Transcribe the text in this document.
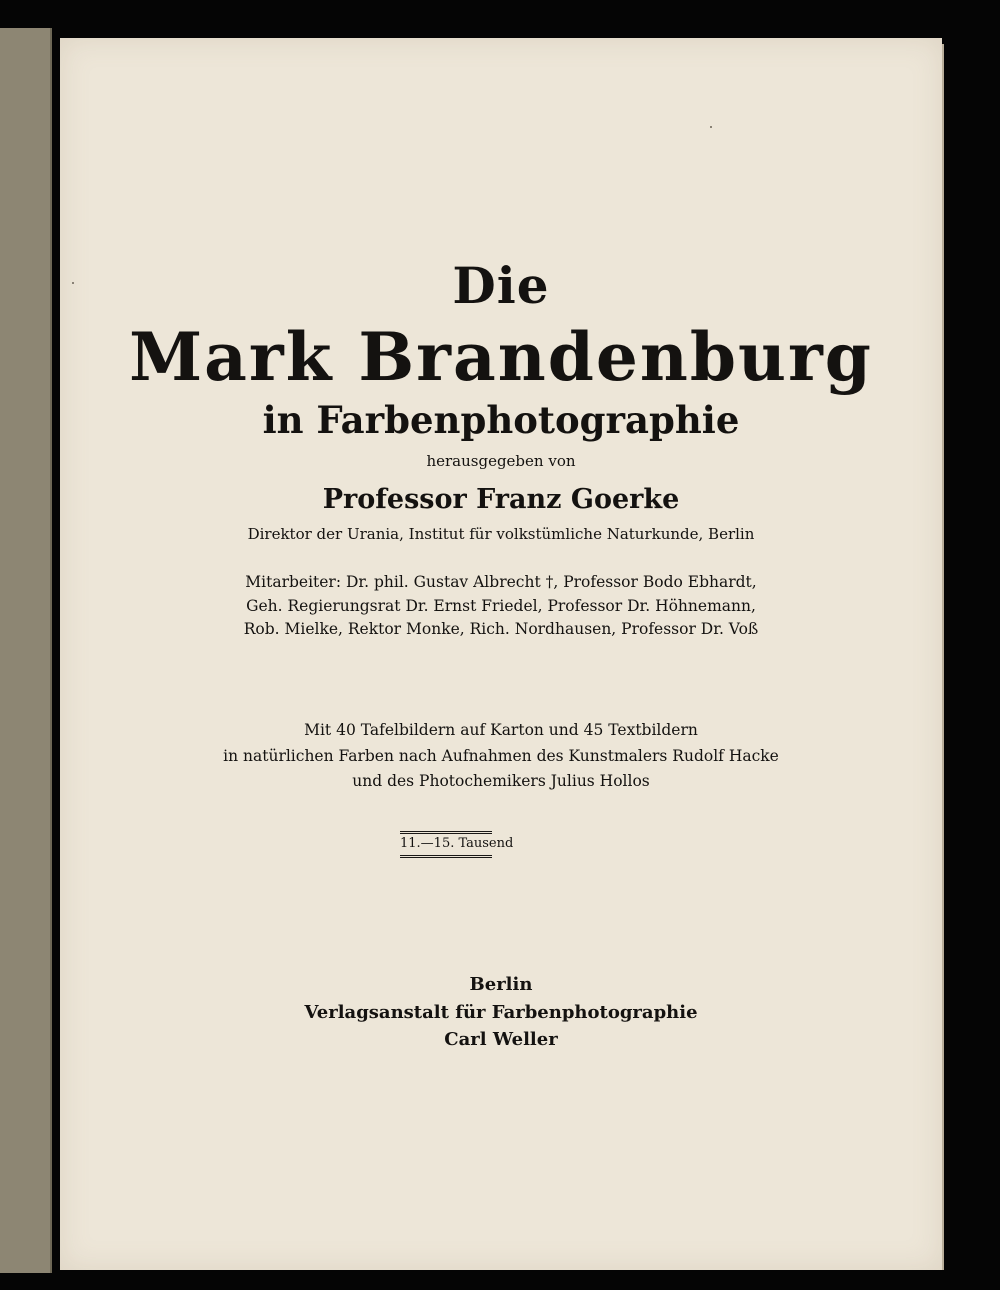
Die
Mark Brandenburg
in Farbenphotographie
herausgegeben von
Professor Franz Goerke
Direktor der Urania, Institut für volkstümliche Naturkunde, Berlin
Mitarbeiter: Dr. phil. Gustav Albrecht †, Professor Bodo Ebhardt,
Geh. Regierungsrat Dr. Ernst Friedel, Professor Dr. Höhnemann,
Rob. Mielke, Rektor Monke, Rich. Nordhausen, Professor Dr. Voß
Mit 40 Tafelbildern auf Karton und 45 Textbildern
in natürlichen Farben nach Aufnahmen des Kunstmalers Rudolf Hacke
und des Photochemikers Julius Hollos
11.—15. Tausend
Berlin
Verlagsanstalt für Farbenphotographie
Carl Weller
